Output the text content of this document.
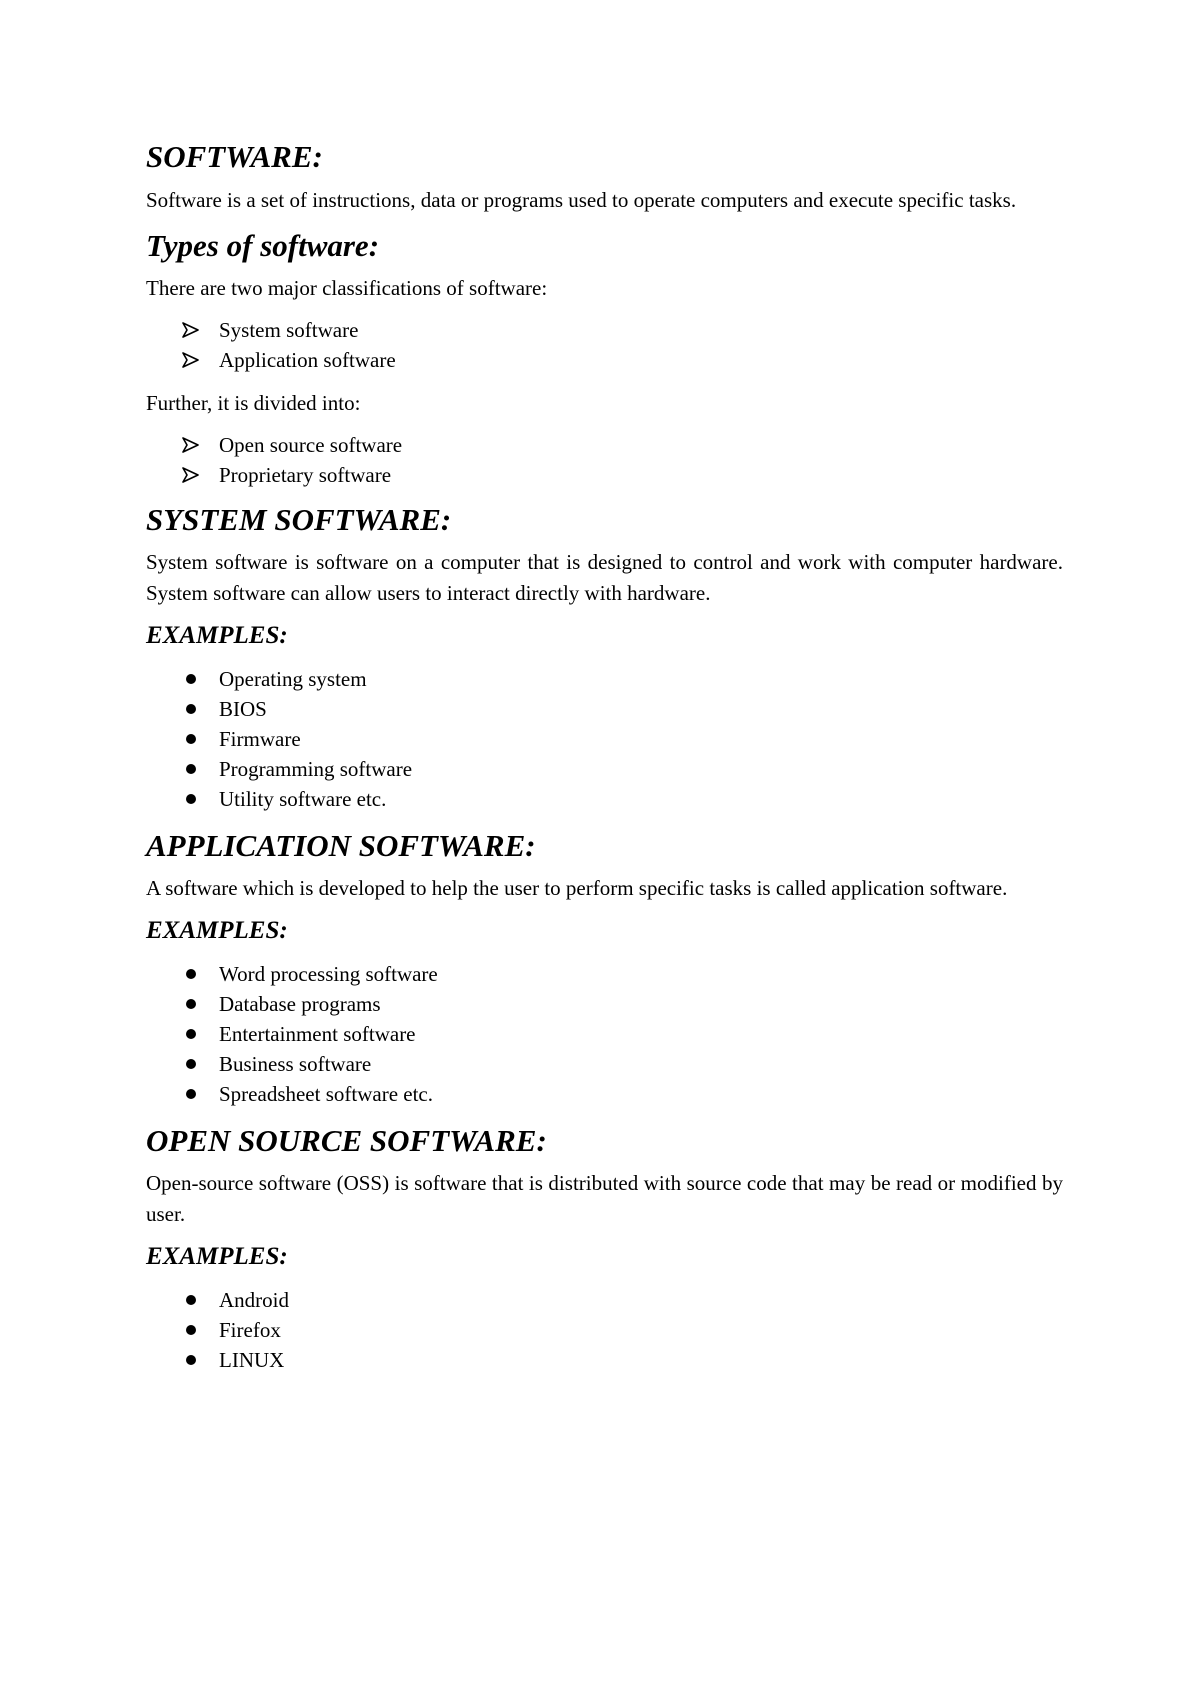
SOFTWARE:

Software is a set of instructions, data or programs used to operate computers and execute specific tasks.

Types of software:

There are two major classifications of software:

System software
Application software

Further, it is divided into:

Open source software
Proprietary software
SYSTEM SOFTWARE:

System software is software on a computer that is designed to control and work with computer hardware. System software can allow users to interact directly with hardware.

EXAMPLES:
Operating system
BIOS
Firmware
Programming software
Utility software etc.
APPLICATION SOFTWARE:

A software which is developed to help the user to perform specific tasks is called application software.

EXAMPLES:
Word processing software
Database programs
Entertainment software
Business software
Spreadsheet software etc.
OPEN SOURCE SOFTWARE:

Open-source software (OSS) is software that is distributed with source code that may be read or modified by user.

EXAMPLES:
Android
Firefox
LINUX
